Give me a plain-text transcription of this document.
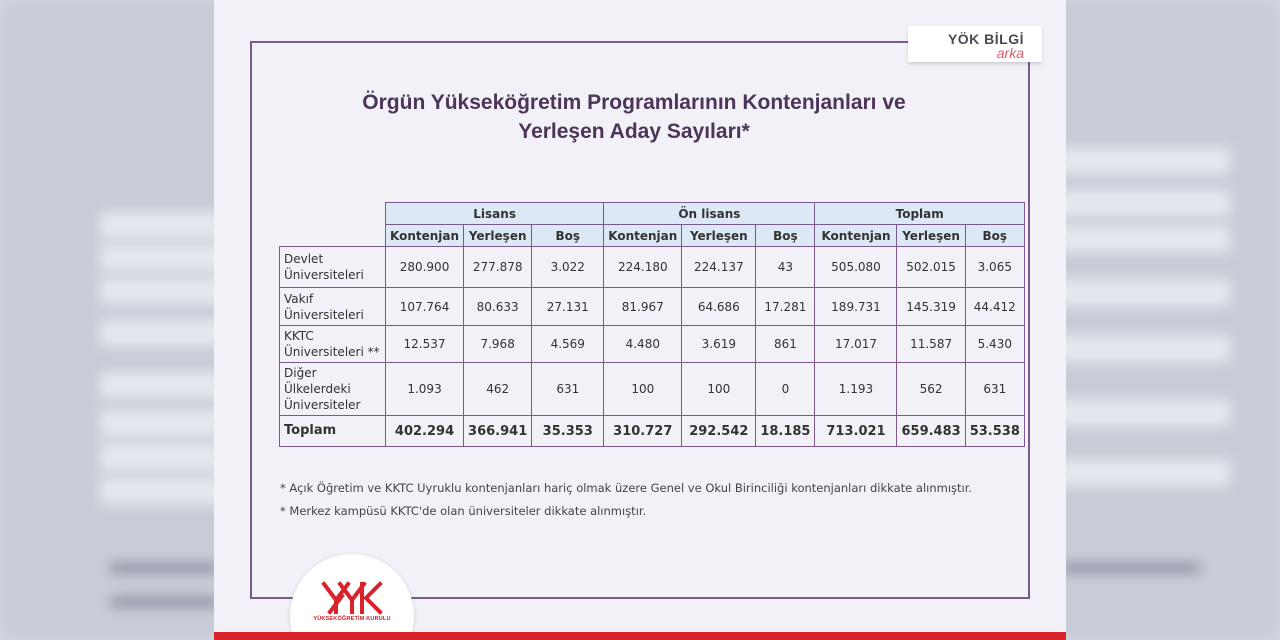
YÖK BİLGİ
arka
Örgün Yükseköğretim Programlarının Kontenjanları ve
Yerleşen Aday Sayıları*
	Lisans			Ön lisans			Toplam		
	Kontenjan	Yerleşen	Boş	Kontenjan	Yerleşen	Boş	Kontenjan	Yerleşen	Boş
Devlet
Üniversiteleri	280.900	277.878	3.022	224.180	224.137	43	505.080	502.015	3.065
Vakıf
Üniversiteleri	107.764	80.633	27.131	81.967	64.686	17.281	189.731	145.319	44.412
KKTC
Üniversiteleri **	12.537	7.968	4.569	4.480	3.619	861	17.017	11.587	5.430
Diğer
Ülkelerdeki
Üniversiteler	1.093	462	631	100	100	0	1.193	562	631
Toplam	402.294	366.941	35.353	310.727	292.542	18.185	713.021	659.483	53.538
* Açık Öğretim ve KKTC Uyruklu kontenjanları hariç olmak üzere Genel ve Okul Birinciliği kontenjanları dikkate alınmıştır.
* Merkez kampüsü KKTC'de olan üniversiteler dikkate alınmıştır.
YÜKSEKÖĞRETİM KURULU
